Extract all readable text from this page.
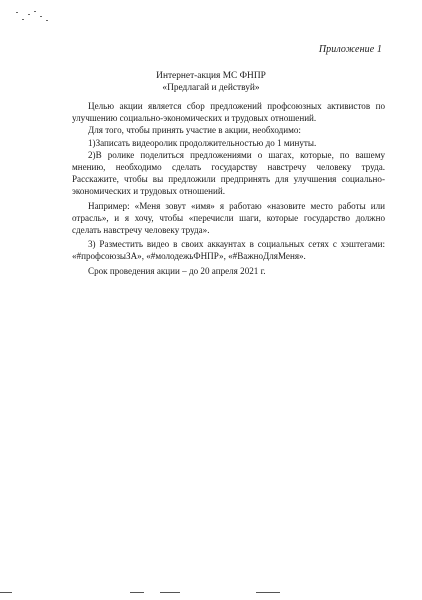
Приложение 1
Интернет-акция МС ФНПР
«Предлагай и действуй»

Целью акции является сбор предложений профсоюзных активистов по улучшению социально-экономических и трудовых отношений.

Для того, чтобы принять участие в акции, необходимо:

1)Записать видеоролик продолжительностью до 1 минуты.

2)В ролике поделиться предложениями о шагах, которые, по вашему мнению, необходимо сделать государству навстречу человеку труда. Расскажите, чтобы вы предложили предпринять для улучшения социально-экономических и трудовых отношений.

Например: «Меня зовут «имя» я работаю «назовите место работы или отрасль», и я хочу, чтобы «перечисли шаги, которые государство должно сделать навстречу человеку труда».

3) Разместить видео в своих аккаунтах в социальных сетях с хэштегами: «#профсоюзыЗА», «#молодежьФНПР», «#ВажноДляМеня».

Срок проведения акции – до 20 апреля 2021 г.
